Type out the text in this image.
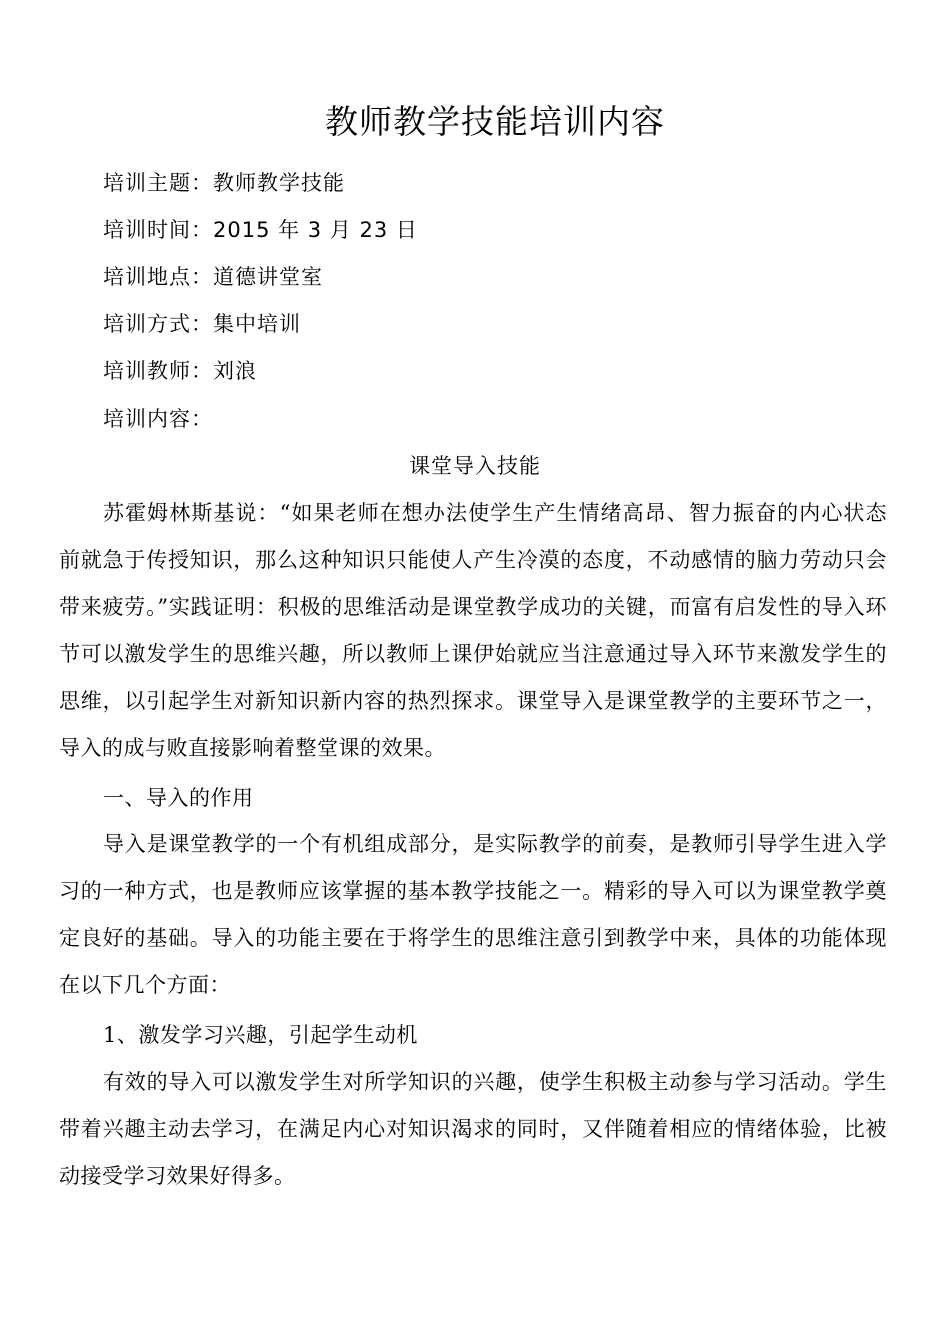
教师教学技能培训内容
培训主题：教师教学技能
培训时间：2015 年 3 月 23 日
培训地点：道德讲堂室
培训方式：集中培训
培训教师：刘浪
培训内容：
课堂导入技能

苏霍姆林斯基说：“如果老师在想办法使学生产生情绪高昂、智力振奋的内心状态前就急于传授知识，那么这种知识只能使人产生冷漠的态度，不动感情的脑力劳动只会带来疲劳。”实践证明：积极的思维活动是课堂教学成功的关键，而富有启发性的导入环节可以激发学生的思维兴趣，所以教师上课伊始就应当注意通过导入环节来激发学生的思维，以引起学生对新知识新内容的热烈探求。课堂导入是课堂教学的主要环节之一，导入的成与败直接影响着整堂课的效果。

一、导入的作用

导入是课堂教学的一个有机组成部分，是实际教学的前奏，是教师引导学生进入学习的一种方式，也是教师应该掌握的基本教学技能之一。精彩的导入可以为课堂教学奠定良好的基础。导入的功能主要在于将学生的思维注意引到教学中来，具体的功能体现在以下几个方面：

1、激发学习兴趣，引起学生动机

有效的导入可以激发学生对所学知识的兴趣，使学生积极主动参与学习活动。学生带着兴趣主动去学习，在满足内心对知识渴求的同时，又伴随着相应的情绪体验，比被动接受学习效果好得多。
